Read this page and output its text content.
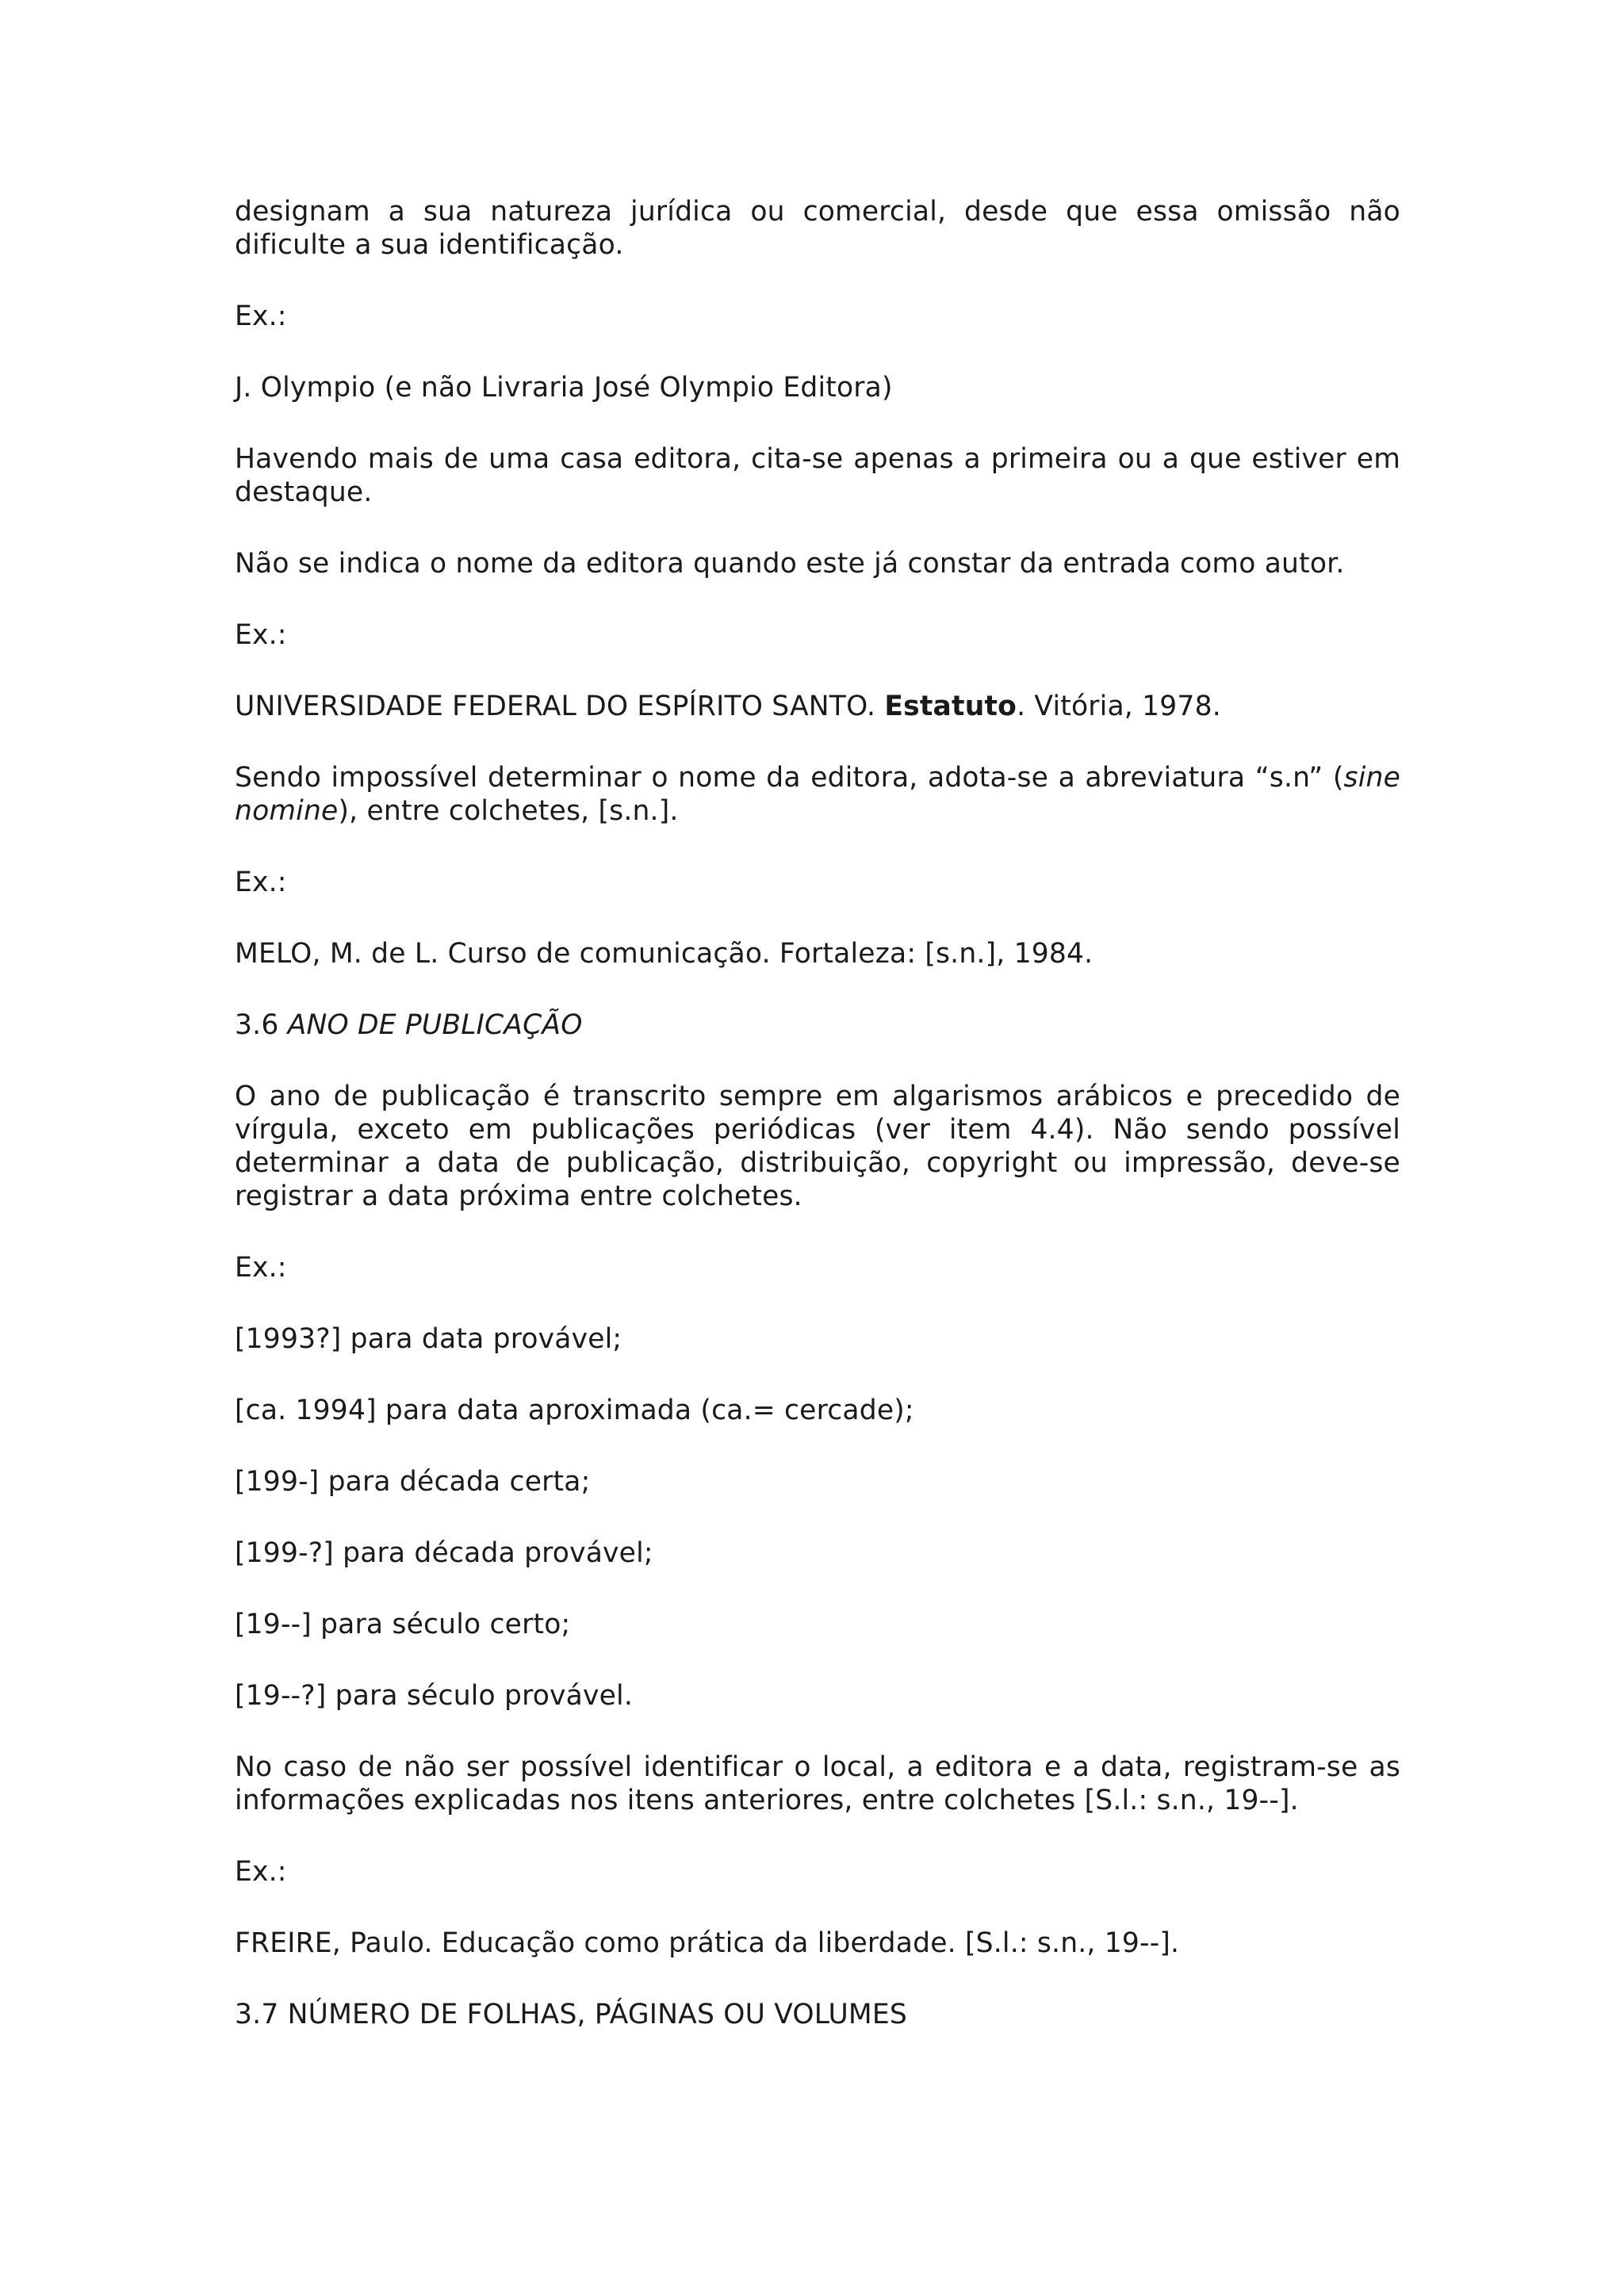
designam a sua natureza jurídica ou comercial, desde que essa omissão não dificulte a sua identificação.

Ex.:

J. Olympio (e não Livraria José Olympio Editora)

Havendo mais de uma casa editora, cita-se apenas a primeira ou a que estiver em destaque.

Não se indica o nome da editora quando este já constar da entrada como autor.

Ex.:

UNIVERSIDADE FEDERAL DO ESPÍRITO SANTO. Estatuto. Vitória, 1978.

Sendo impossível determinar o nome da editora, adota-se a abreviatura “s.n” (sine nomine), entre colchetes, [s.n.].

Ex.:

MELO, M. de L. Curso de comunicação. Fortaleza: [s.n.], 1984.

3.6 ANO DE PUBLICAÇÃO

O ano de publicação é transcrito sempre em algarismos arábicos e precedido de vírgula, exceto em publicações periódicas (ver item 4.4). Não sendo possível determinar a data de publicação, distribuição, copyright ou impressão, deve-se registrar a data próxima entre colchetes.

Ex.:

[1993?] para data provável;

[ca. 1994] para data aproximada (ca.= cercade);

[199-] para década certa;

[199-?] para década provável;

[19--] para século certo;

[19--?] para século provável.

No caso de não ser possível identificar o local, a editora e a data, registram-se as informações explicadas nos itens anteriores, entre colchetes [S.l.: s.n., 19--].

Ex.:

FREIRE, Paulo. Educação como prática da liberdade. [S.l.: s.n., 19--].

3.7 NÚMERO DE FOLHAS, PÁGINAS OU VOLUMES
